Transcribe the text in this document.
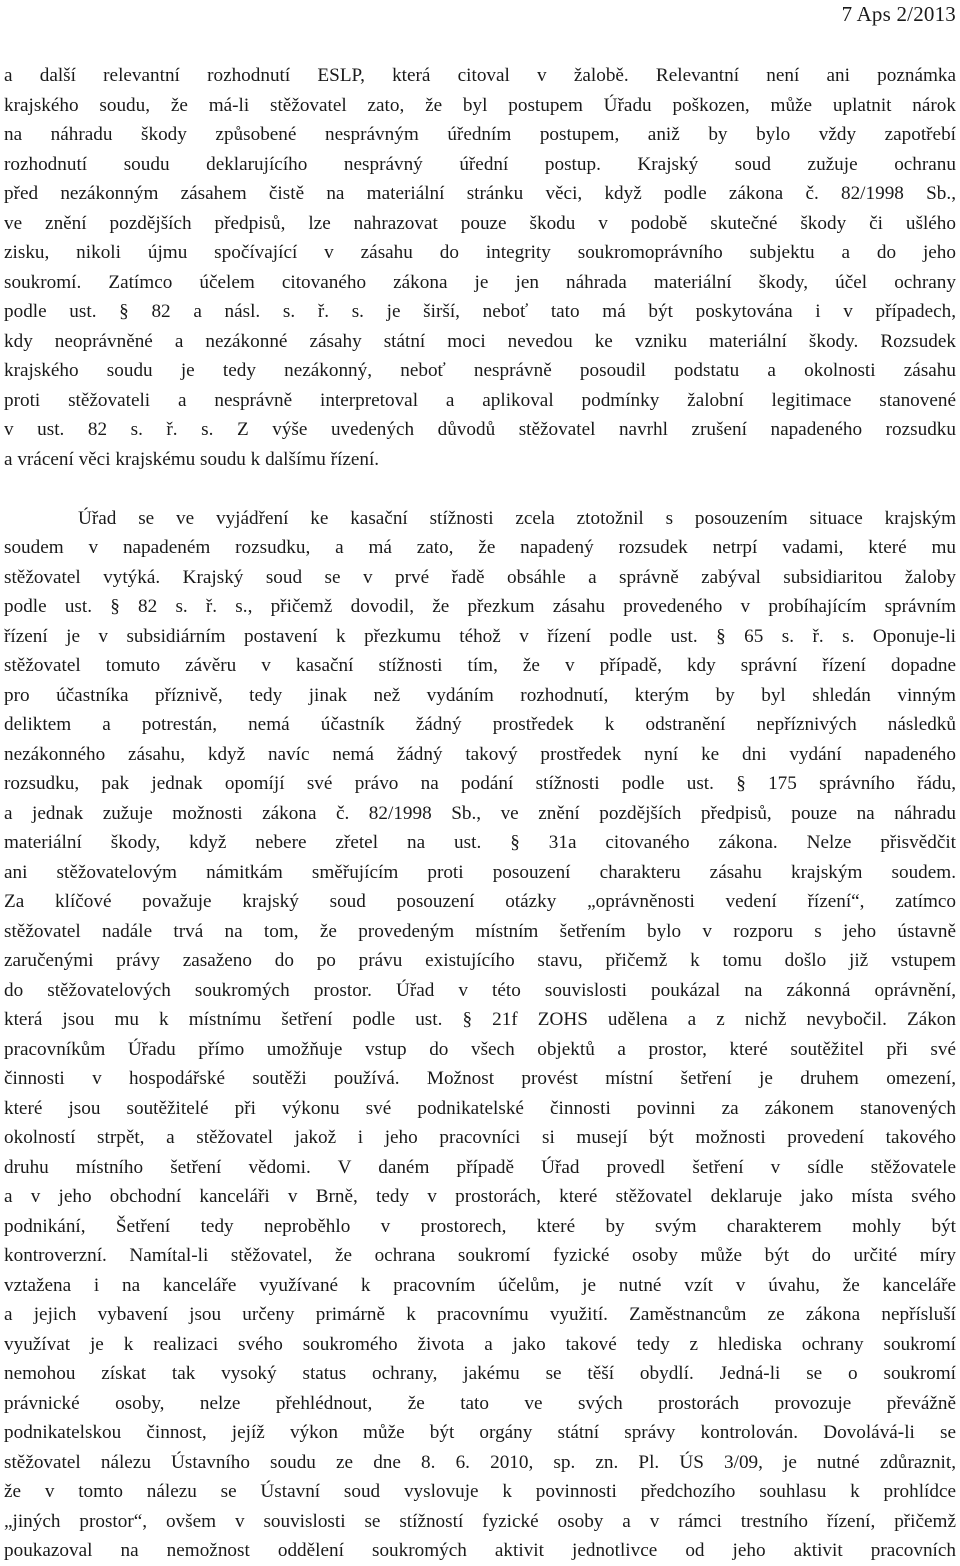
7 Aps 2/2013
a další relevantní rozhodnutí ESLP, která citoval v žalobě. Relevantní není ani poznámka
krajského soudu, že má-li stěžovatel zato, že byl postupem Úřadu poškozen, může uplatnit nárok
na náhradu škody způsobené nesprávným úředním postupem, aniž by bylo vždy zapotřebí
rozhodnutí soudu deklarujícího nesprávný úřední postup. Krajský soud zužuje ochranu
před nezákonným zásahem čistě na materiální stránku věci, když podle zákona č. 82/1998 Sb.,
ve znění pozdějších předpisů, lze nahrazovat pouze škodu v podobě skutečné škody či ušlého
zisku, nikoli újmu spočívající v zásahu do integrity soukromoprávního subjektu a do jeho
soukromí. Zatímco účelem citovaného zákona je jen náhrada materiální škody, účel ochrany
podle ust. § 82 a násl. s. ř. s. je širší, neboť tato má být poskytována i v případech,
kdy neoprávněné a nezákonné zásahy státní moci nevedou ke vzniku materiální škody. Rozsudek
krajského soudu je tedy nezákonný, neboť nesprávně posoudil podstatu a okolnosti zásahu
proti stěžovateli a nesprávně interpretoval a aplikoval podmínky žalobní legitimace stanovené
v ust. 82 s. ř. s. Z výše uvedených důvodů stěžovatel navrhl zrušení napadeného rozsudku
a vrácení věci krajskému soudu k dalšímu řízení.
Úřad se ve vyjádření ke kasační stížnosti zcela ztotožnil s posouzením situace krajským
soudem v napadeném rozsudku, a má zato, že napadený rozsudek netrpí vadami, které mu
stěžovatel vytýká. Krajský soud se v prvé řadě obsáhle a správně zabýval subsidiaritou žaloby
podle ust. § 82 s. ř. s., přičemž dovodil, že přezkum zásahu provedeného v probíhajícím správním
řízení je v subsidiárním postavení k přezkumu téhož v řízení podle ust. § 65 s. ř. s. Oponuje-li
stěžovatel tomuto závěru v kasační stížnosti tím, že v případě, kdy správní řízení dopadne
pro účastníka příznivě, tedy jinak než vydáním rozhodnutí, kterým by byl shledán vinným
deliktem a potrestán, nemá účastník žádný prostředek k odstranění nepříznivých následků
nezákonného zásahu, když navíc nemá žádný takový prostředek nyní ke dni vydání napadeného
rozsudku, pak jednak opomíjí své právo na podání stížnosti podle ust. § 175 správního řádu,
a jednak zužuje možnosti zákona č. 82/1998 Sb., ve znění pozdějších předpisů, pouze na náhradu
materiální škody, když nebere zřetel na ust. § 31a citovaného zákona. Nelze přisvědčit
ani stěžovatelovým námitkám směřujícím proti posouzení charakteru zásahu krajským soudem.
Za klíčové považuje krajský soud posouzení otázky „oprávněnosti vedení řízení“, zatímco
stěžovatel nadále trvá na tom, že provedeným místním šetřením bylo v rozporu s jeho ústavně
zaručenými právy zasaženo do po právu existujícího stavu, přičemž k tomu došlo již vstupem
do stěžovatelových soukromých prostor. Úřad v této souvislosti poukázal na zákonná oprávnění,
která jsou mu k místnímu šetření podle ust. § 21f ZOHS udělena a z nichž nevybočil. Zákon
pracovníkům Úřadu přímo umožňuje vstup do všech objektů a prostor, které soutěžitel při své
činnosti v hospodářské soutěži používá. Možnost provést místní šetření je druhem omezení,
které jsou soutěžitelé při výkonu své podnikatelské činnosti povinni za zákonem stanovených
okolností strpět, a stěžovatel jakož i jeho pracovníci si musejí být možnosti provedení takového
druhu místního šetření vědomi. V daném případě Úřad provedl šetření v sídle stěžovatele
a v jeho obchodní kanceláři v Brně, tedy v prostorách, které stěžovatel deklaruje jako místa svého
podnikání, Šetření tedy neproběhlo v prostorech, které by svým charakterem mohly být
kontroverzní. Namítal-li stěžovatel, že ochrana soukromí fyzické osoby může být do určité míry
vztažena i na kanceláře využívané k pracovním účelům, je nutné vzít v úvahu, že kanceláře
a jejich vybavení jsou určeny primárně k pracovnímu využití. Zaměstnancům ze zákona nepřísluší
využívat je k realizaci svého soukromého života a jako takové tedy z hlediska ochrany soukromí
nemohou získat tak vysoký status ochrany, jakému se těší obydlí. Jedná-li se o soukromí
právnické osoby, nelze přehlédnout, že tato ve svých prostorách provozuje převážně
podnikatelskou činnost, jejíž výkon může být orgány státní správy kontrolován. Dovolává-li se
stěžovatel nálezu Ústavního soudu ze dne 8. 6. 2010, sp. zn. Pl. ÚS 3/09, je nutné zdůraznit,
že v tomto nálezu se Ústavní soud vyslovuje k povinnosti předchozího souhlasu k prohlídce
„jiných prostor“, ovšem v souvislosti se stížností fyzické osoby a v rámci trestního řízení, přičemž
poukazoval na nemožnost oddělení soukromých aktivit jednotlivce od jeho aktivit pracovních
